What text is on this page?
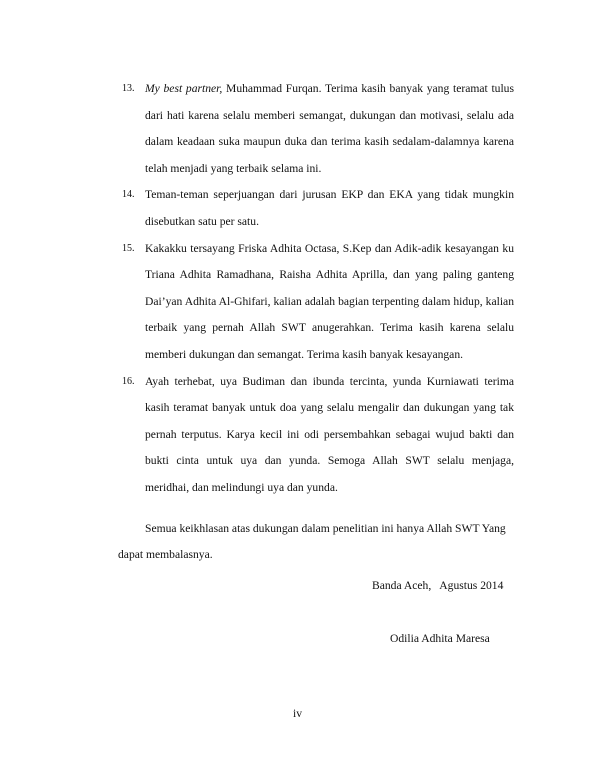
13. My best partner, Muhammad Furqan. Terima kasih banyak yang teramat tulus dari hati karena selalu memberi semangat, dukungan dan motivasi, selalu ada dalam keadaan suka maupun duka dan terima kasih sedalam-dalamnya karena telah menjadi yang terbaik selama ini.
14. Teman-teman seperjuangan dari jurusan EKP dan EKA yang tidak mungkin disebutkan satu per satu.
15. Kakakku tersayang Friska Adhita Octasa, S.Kep dan Adik-adik kesayangan ku Triana Adhita Ramadhana, Raisha Adhita Aprilla, dan yang paling ganteng Dai’yan Adhita Al-Ghifari, kalian adalah bagian terpenting dalam hidup, kalian terbaik yang pernah Allah SWT anugerahkan. Terima kasih karena selalu memberi dukungan dan semangat. Terima kasih banyak kesayangan.
16. Ayah terhebat, uya Budiman dan ibunda tercinta, yunda Kurniawati terima kasih teramat banyak untuk doa yang selalu mengalir dan dukungan yang tak pernah terputus. Karya kecil ini odi persembahkan sebagai wujud bakti dan bukti cinta untuk uya dan yunda. Semoga Allah SWT selalu menjaga, meridhai, dan melindungi uya dan yunda.
Semua keikhlasan atas dukungan dalam penelitian ini hanya Allah SWT Yang
dapat membalasnya.
Banda Aceh,   Agustus 2014
Odilia Adhita Maresa
iv
